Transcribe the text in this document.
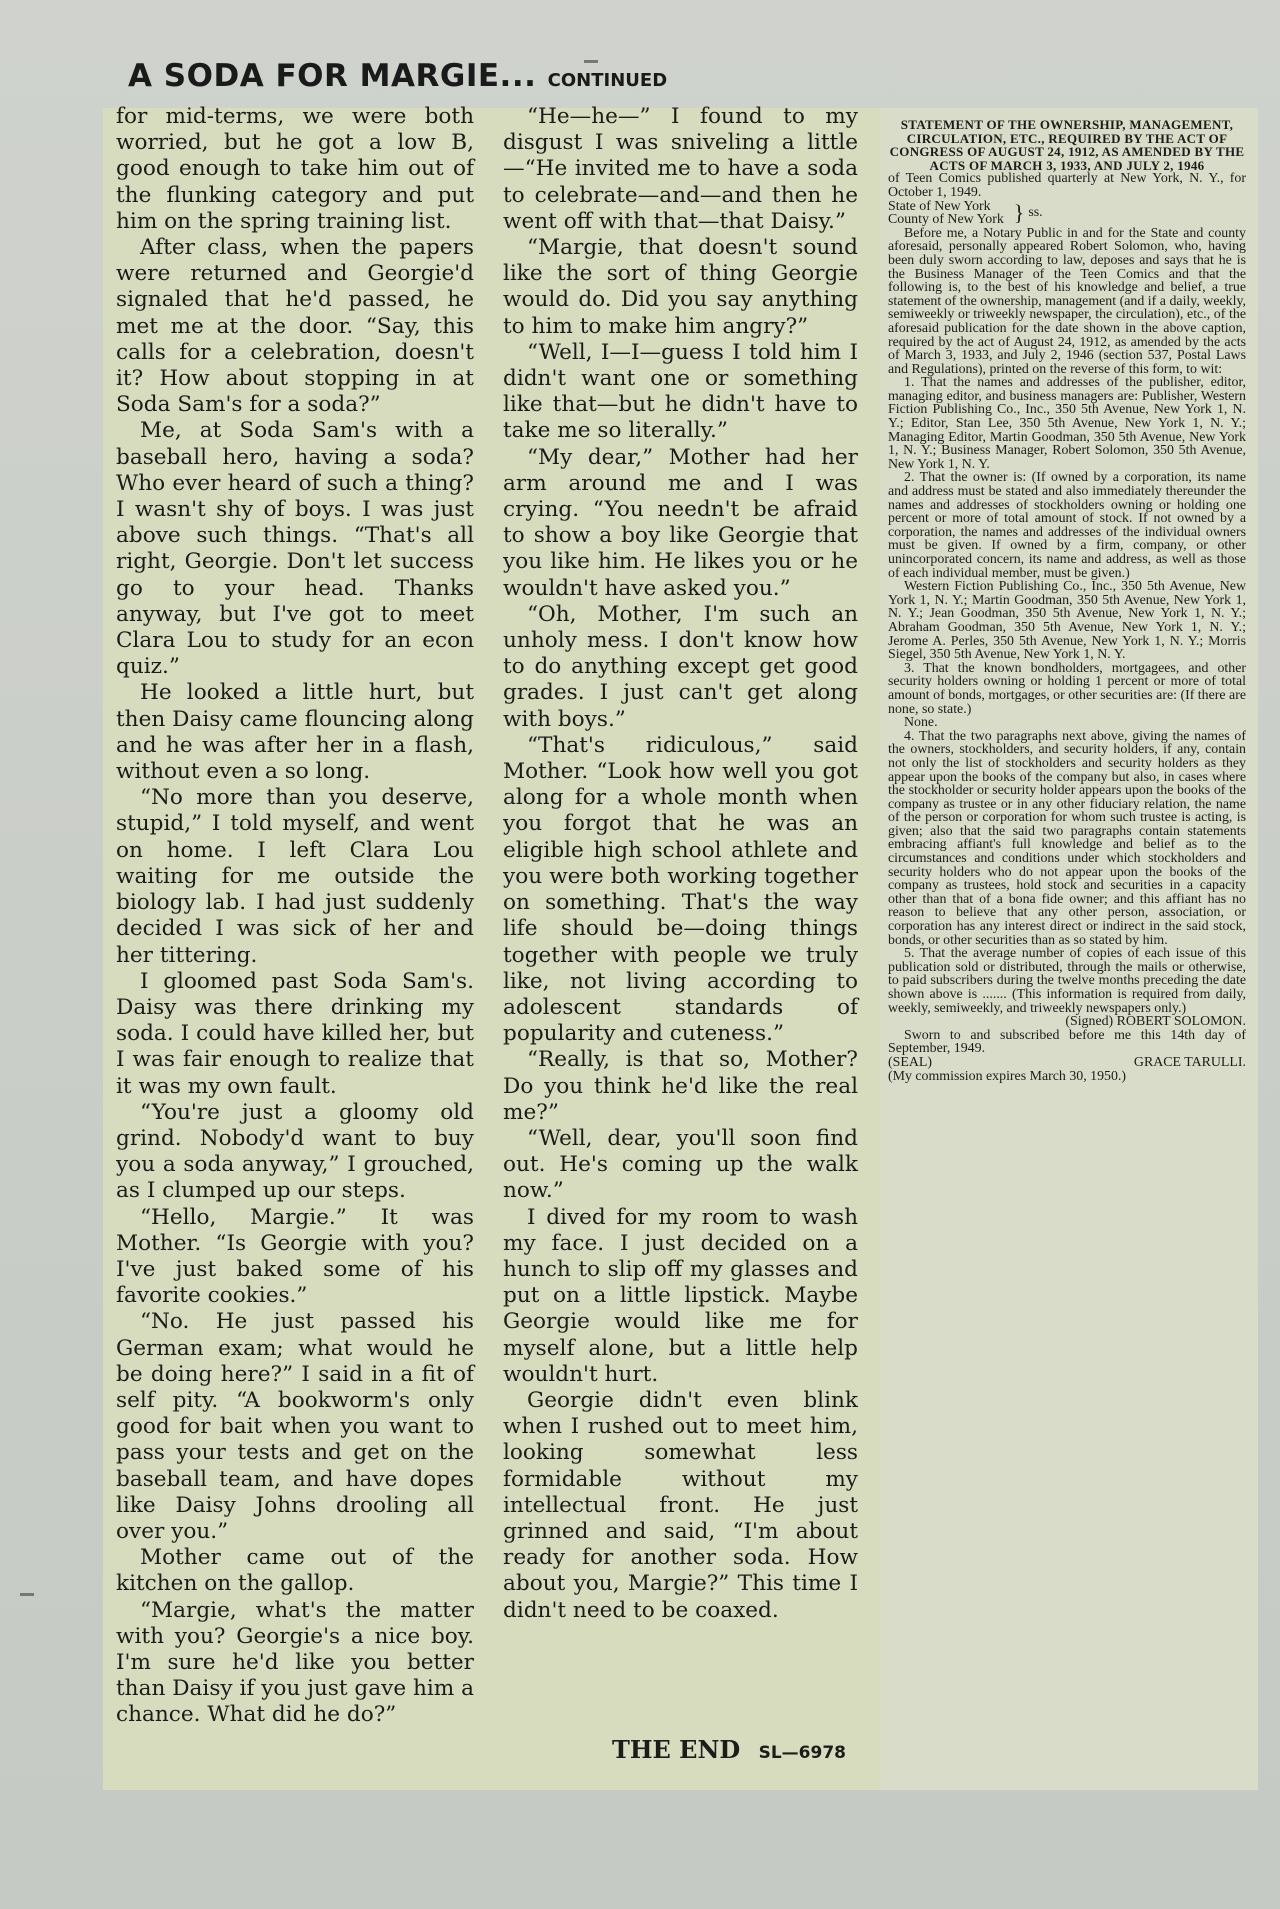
A SODA FOR MARGIE... CONTINUED

for mid-terms, we were both worried, but he got a low B, good enough to take him out of the flunking category and put him on the spring training list.

After class, when the papers were returned and Georgie'd signaled that he'd passed, he met me at the door. “Say, this calls for a celebration, doesn't it? How about stopping in at Soda Sam's for a soda?”

Me, at Soda Sam's with a baseball hero, having a soda? Who ever heard of such a thing? I wasn't shy of boys. I was just above such things. “That's all right, Georgie. Don't let success go to your head. Thanks anyway, but I've got to meet Clara Lou to study for an econ quiz.”

He looked a little hurt, but then Daisy came flouncing along and he was after her in a flash, without even a so long.

“No more than you deserve, stupid,” I told myself, and went on home. I left Clara Lou waiting for me outside the biology lab. I had just suddenly decided I was sick of her and her tittering.

I gloomed past Soda Sam's. Daisy was there drinking my soda. I could have killed her, but I was fair enough to realize that it was my own fault.

“You're just a gloomy old grind. Nobody'd want to buy you a soda anyway,” I grouched, as I clumped up our steps.

“Hello, Margie.” It was Mother. “Is Georgie with you? I've just baked some of his favorite cookies.”

“No. He just passed his German exam; what would he be doing here?” I said in a fit of self pity. “A bookworm's only good for bait when you want to pass your tests and get on the baseball team, and have dopes like Daisy Johns drooling all over you.”

Mother came out of the kitchen on the gallop.

“Margie, what's the matter with you? Georgie's a nice boy. I'm sure he'd like you better than Daisy if you just gave him a chance. What did he do?”

“He—he—” I found to my disgust I was sniveling a little —“He invited me to have a soda to celebrate—and—and then he went off with that—that Daisy.”

“Margie, that doesn't sound like the sort of thing Georgie would do. Did you say anything to him to make him angry?”

“Well, I—I—guess I told him I didn't want one or something like that—but he didn't have to take me so literally.”

“My dear,” Mother had her arm around me and I was crying. “You needn't be afraid to show a boy like Georgie that you like him. He likes you or he wouldn't have asked you.”

“Oh, Mother, I'm such an unholy mess. I don't know how to do anything except get good grades. I just can't get along with boys.”

“That's ridiculous,” said Mother. “Look how well you got along for a whole month when you forgot that he was an eligible high school athlete and you were both working together on something. That's the way life should be—doing things together with people we truly like, not living according to adolescent standards of popularity and cuteness.”

“Really, is that so, Mother? Do you think he'd like the real me?”

“Well, dear, you'll soon find out. He's coming up the walk now.”

I dived for my room to wash my face. I just decided on a hunch to slip off my glasses and put on a little lipstick. Maybe Georgie would like me for myself alone, but a little help wouldn't hurt.

Georgie didn't even blink when I rushed out to meet him, looking somewhat less formidable without my intellectual front. He just grinned and said, “I'm about ready for another soda. How about you, Margie?” This time I didn't need to be coaxed.

THE END SL—6978
STATEMENT OF THE OWNERSHIP, MANAGEMENT, CIRCULATION, ETC., REQUIRED BY THE ACT OF CONGRESS OF AUGUST 24, 1912, AS AMENDED BY THE ACTS OF MARCH 3, 1933, AND JULY 2, 1946

of Teen Comics published quarterly at New York, N. Y., for October 1, 1949.

State of New York
County of New York } ss.

Before me, a Notary Public in and for the State and county aforesaid, personally appeared Robert Solomon, who, having been duly sworn according to law, deposes and says that he is the Business Manager of the Teen Comics and that the following is, to the best of his knowledge and belief, a true statement of the ownership, management (and if a daily, weekly, semiweekly or triweekly newspaper, the circulation), etc., of the aforesaid publication for the date shown in the above caption, required by the act of August 24, 1912, as amended by the acts of March 3, 1933, and July 2, 1946 (section 537, Postal Laws and Regulations), printed on the reverse of this form, to wit:

1. That the names and addresses of the publisher, editor, managing editor, and business managers are: Publisher, Western Fiction Publishing Co., Inc., 350 5th Avenue, New York 1, N. Y.; Editor, Stan Lee, 350 5th Avenue, New York 1, N. Y.; Managing Editor, Martin Goodman, 350 5th Avenue, New York 1, N. Y.; Business Manager, Robert Solomon, 350 5th Avenue, New York 1, N. Y.

2. That the owner is: (If owned by a corporation, its name and address must be stated and also immediately thereunder the names and addresses of stockholders owning or holding one percent or more of total amount of stock. If not owned by a corporation, the names and addresses of the individual owners must be given. If owned by a firm, company, or other unincorporated concern, its name and address, as well as those of each individual member, must be given.)

Western Fiction Publishing Co., Inc., 350 5th Avenue, New York 1, N. Y.; Martin Goodman, 350 5th Avenue, New York 1, N. Y.; Jean Goodman, 350 5th Avenue, New York 1, N. Y.; Abraham Goodman, 350 5th Avenue, New York 1, N. Y.; Jerome A. Perles, 350 5th Avenue, New York 1, N. Y.; Morris Siegel, 350 5th Avenue, New York 1, N. Y.

3. That the known bondholders, mortgagees, and other security holders owning or holding 1 percent or more of total amount of bonds, mortgages, or other securities are: (If there are none, so state.)

None.

4. That the two paragraphs next above, giving the names of the owners, stockholders, and security holders, if any, contain not only the list of stockholders and security holders as they appear upon the books of the company but also, in cases where the stockholder or security holder appears upon the books of the company as trustee or in any other fiduciary relation, the name of the person or corporation for whom such trustee is acting, is given; also that the said two paragraphs contain statements embracing affiant's full knowledge and belief as to the circumstances and conditions under which stockholders and security holders who do not appear upon the books of the company as trustees, hold stock and securities in a capacity other than that of a bona fide owner; and this affiant has no reason to believe that any other person, association, or corporation has any interest direct or indirect in the said stock, bonds, or other securities than as so stated by him.

5. That the average number of copies of each issue of this publication sold or distributed, through the mails or otherwise, to paid subscribers during the twelve months preceding the date shown above is ....... (This information is required from daily, weekly, semiweekly, and triweekly newspapers only.)

(Signed) ROBERT SOLOMON.

Sworn to and subscribed before me this 14th day of September, 1949.

(SEAL)	GRACE TARULLI.
(My commission expires March 30, 1950.)
